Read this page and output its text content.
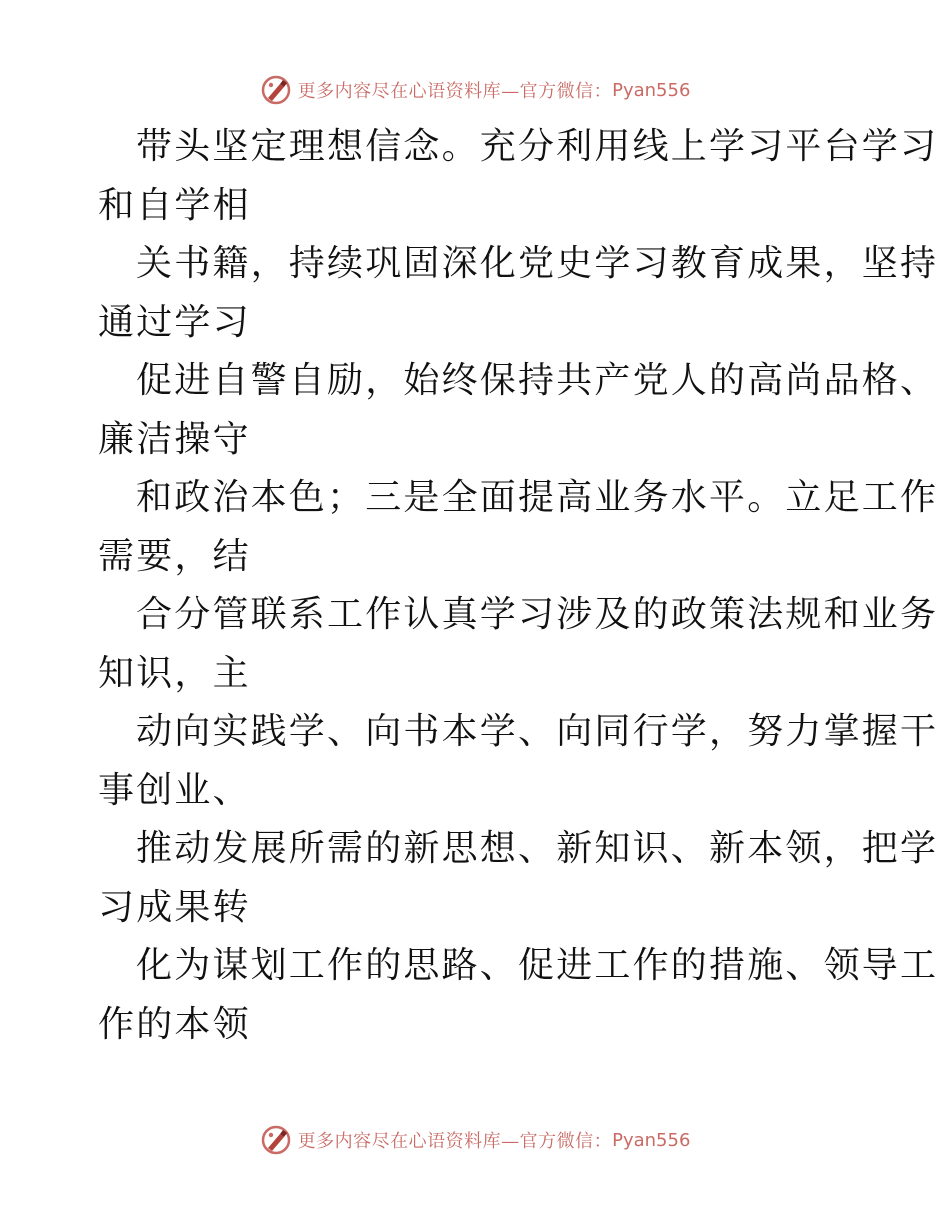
更多内容尽在心语资料库—官方微信： Pyan556
带头坚定理想信念。充分利用线上学习平台学习
和自学相
关书籍，持续巩固深化党史学习教育成果，坚持
通过学习
促进自警自励，始终保持共产党人的高尚品格、
廉洁操守
和政治本色；三是全面提高业务水平。立足工作
需要，结
合分管联系工作认真学习涉及的政策法规和业务
知识，主
动向实践学、向书本学、向同行学，努力掌握干
事创业、
推动发展所需的新思想、新知识、新本领，把学
习成果转
化为谋划工作的思路、促进工作的措施、领导工
作的本领
更多内容尽在心语资料库—官方微信： Pyan556
